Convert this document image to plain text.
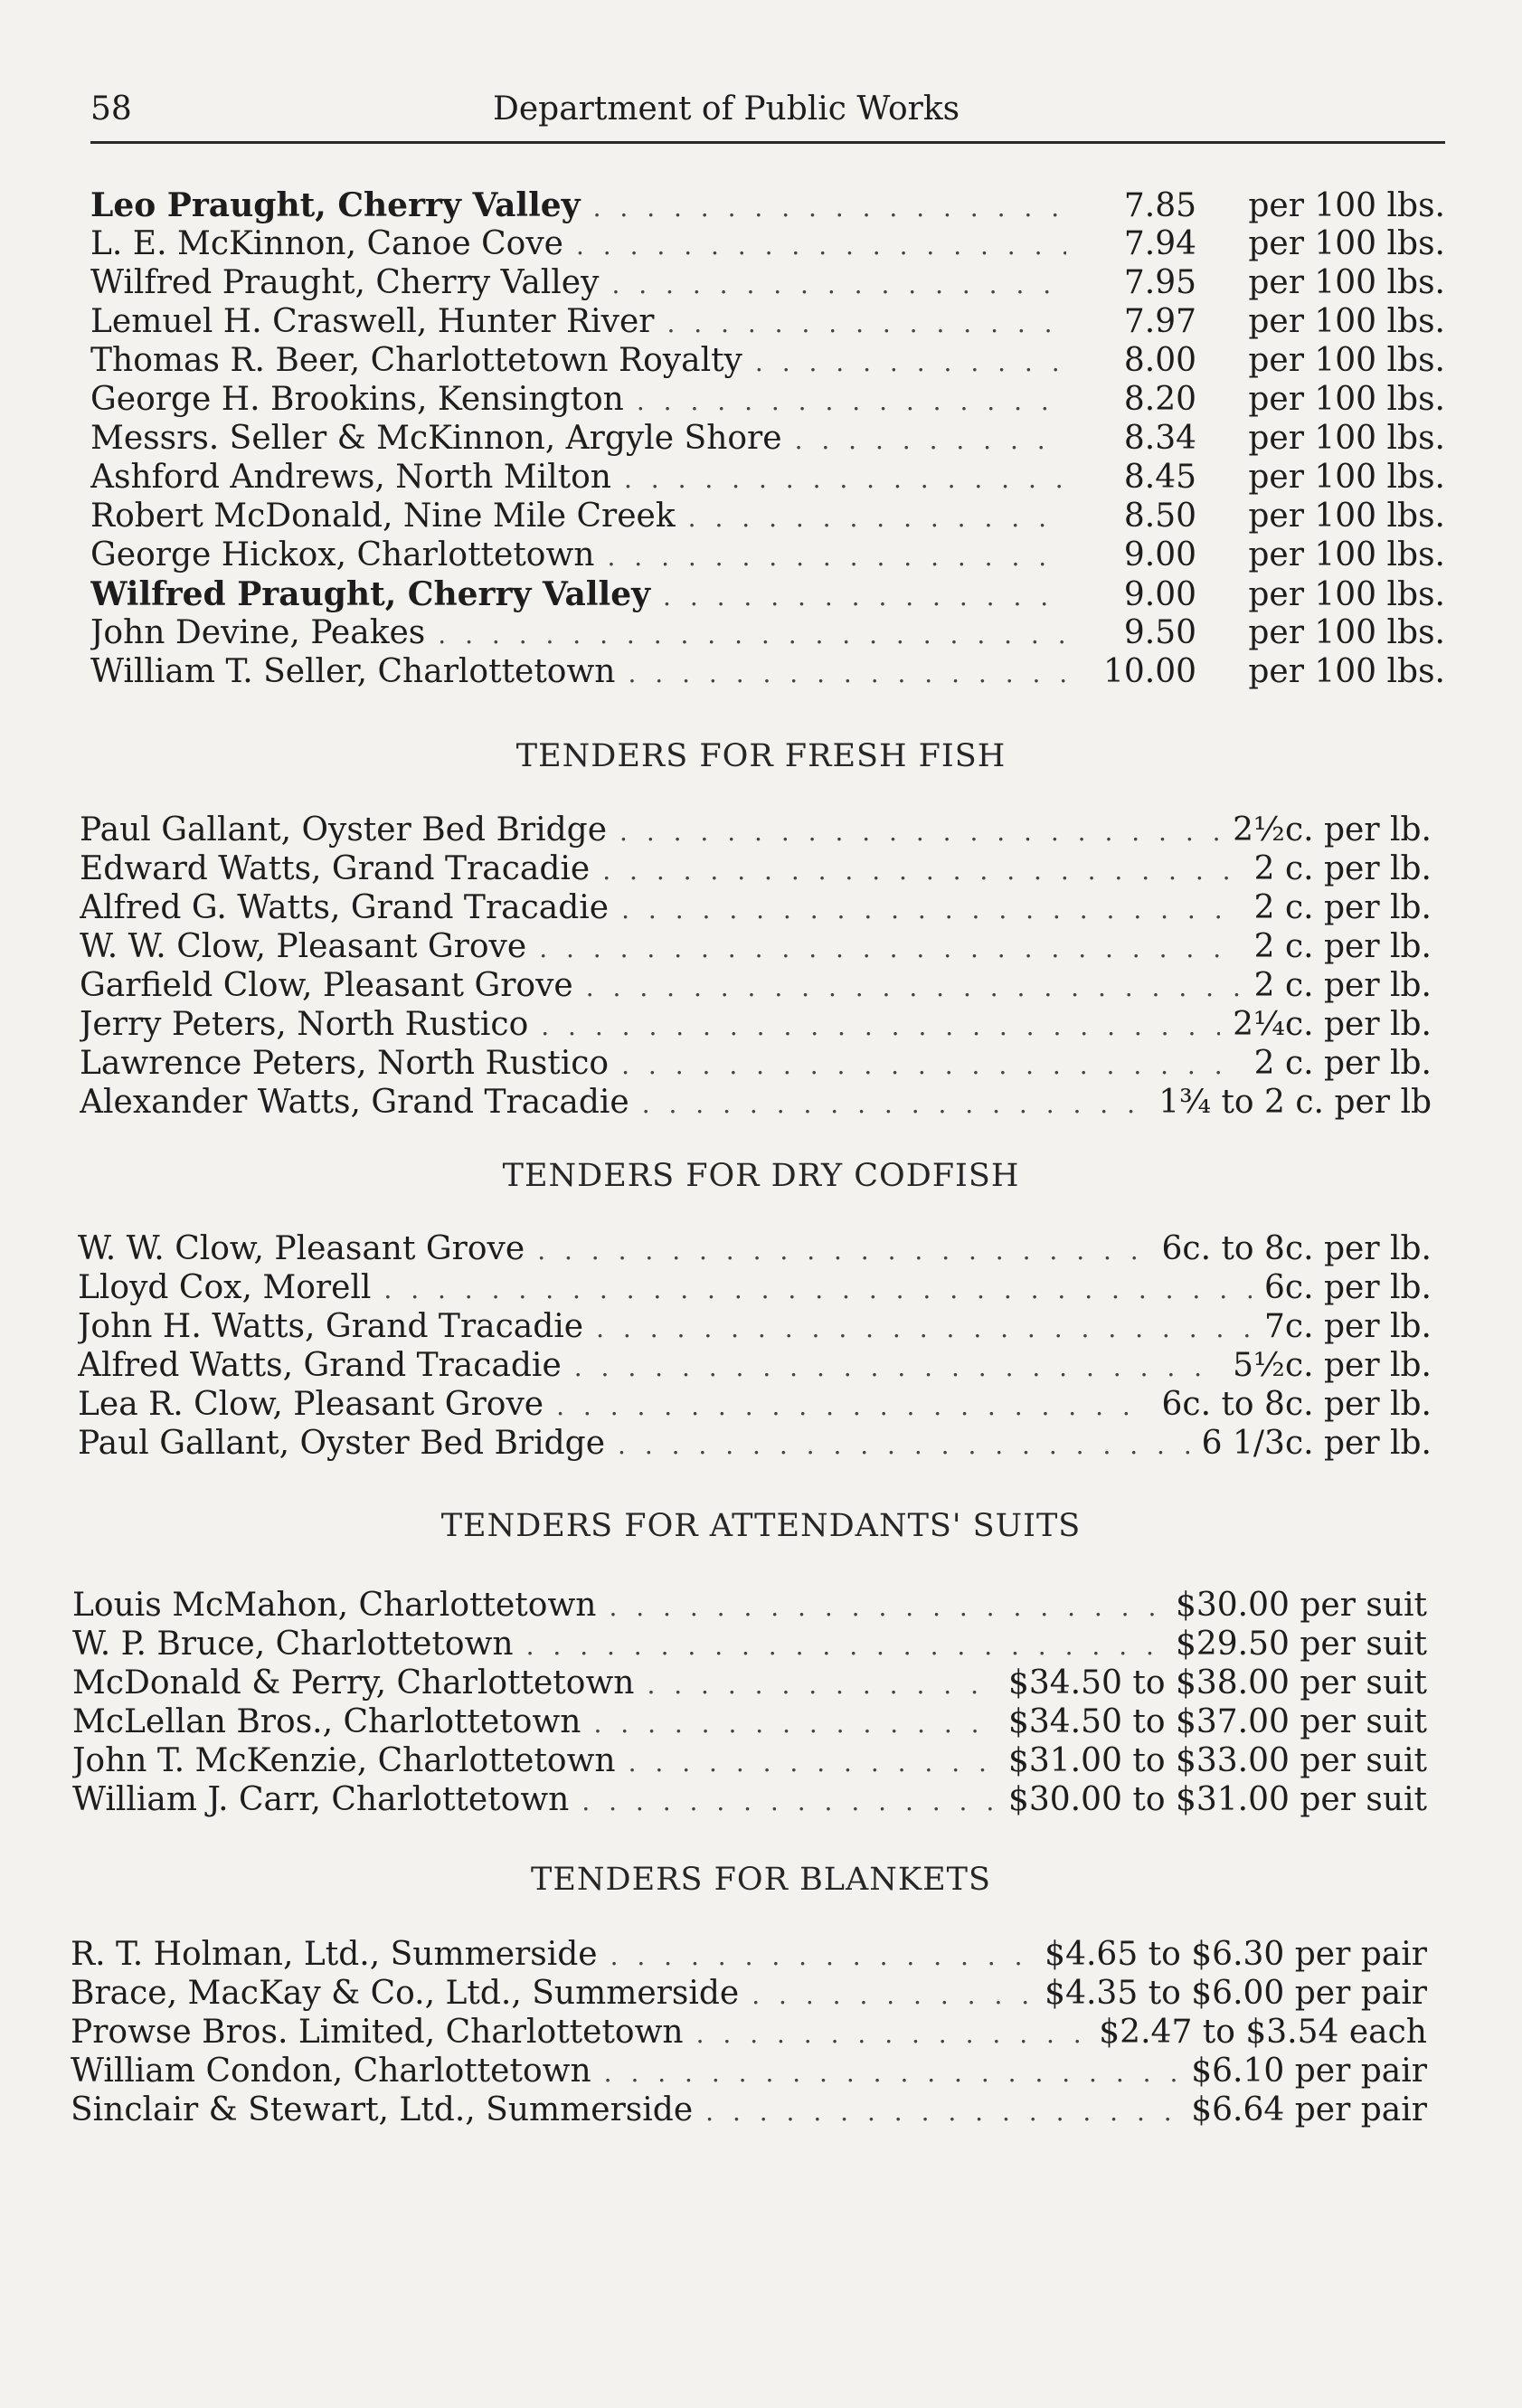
58	Department of Public Works
Leo Praught, Cherry Valley . . .	7.85 per 100 lbs.
L. E. McKinnon, Canoe Cove . . .	7.94 per 100 lbs.
Wilfred Praught, Cherry Valley . . .	7.95 per 100 lbs.
Lemuel H. Craswell, Hunter River . . .	7.97 per 100 lbs.
Thomas R. Beer, Charlottetown Royalty . . .	8.00 per 100 lbs.
George H. Brookins, Kensington . . .	8.20 per 100 lbs.
Messrs. Seller & McKinnon, Argyle Shore . . .	8.34 per 100 lbs.
Ashford Andrews, North Milton . . .	8.45 per 100 lbs.
Robert McDonald, Nine Mile Creek . . .	8.50 per 100 lbs.
George Hickox, Charlottetown . . .	9.00 per 100 lbs.
Wilfred Praught, Cherry Valley . . .	9.00 per 100 lbs.
John Devine, Peakes . . .	9.50 per 100 lbs.
William T. Seller, Charlottetown . . .	10.00 per 100 lbs.
TENDERS FOR FRESH FISH
Paul Gallant, Oyster Bed Bridge . . .	2½c. per lb.
Edward Watts, Grand Tracadie . . .	2 c. per lb.
Alfred G. Watts, Grand Tracadie . . .	2 c. per lb.
W. W. Clow, Pleasant Grove . . .	2 c. per lb.
Garfield Clow, Pleasant Grove . . .	2 c. per lb.
Jerry Peters, North Rustico . . .	2¼c. per lb.
Lawrence Peters, North Rustico . . .	2 c. per lb.
Alexander Watts, Grand Tracadie . . .	1¾ to 2 c. per lb
TENDERS FOR DRY CODFISH
W. W. Clow, Pleasant Grove . . .	6c. to 8c. per lb.
Lloyd Cox, Morell . . .	6c. per lb.
John H. Watts, Grand Tracadie . . .	7c. per lb.
Alfred Watts, Grand Tracadie . . .	5½c. per lb.
Lea R. Clow, Pleasant Grove . . .	6c. to 8c. per lb.
Paul Gallant, Oyster Bed Bridge . . .	6 1/3c. per lb.
TENDERS FOR ATTENDANTS' SUITS
Louis McMahon, Charlottetown . . .	$30.00 per suit
W. P. Bruce, Charlottetown . . .	$29.50 per suit
McDonald & Perry, Charlottetown . . .	$34.50 to $38.00 per suit
McLellan Bros., Charlottetown . . .	$34.50 to $37.00 per suit
John T. McKenzie, Charlottetown . . .	$31.00 to $33.00 per suit
William J. Carr, Charlottetown . . .	$30.00 to $31.00 per suit
TENDERS FOR BLANKETS
R. T. Holman, Ltd., Summerside . . .	$4.65 to $6.30 per pair
Brace, MacKay & Co., Ltd., Summerside . . .	$4.35 to $6.00 per pair
Prowse Bros. Limited, Charlottetown . . .	$2.47 to $3.54 each
William Condon, Charlottetown . . .	$6.10 per pair
Sinclair & Stewart, Ltd., Summerside . . .	$6.64 per pair
